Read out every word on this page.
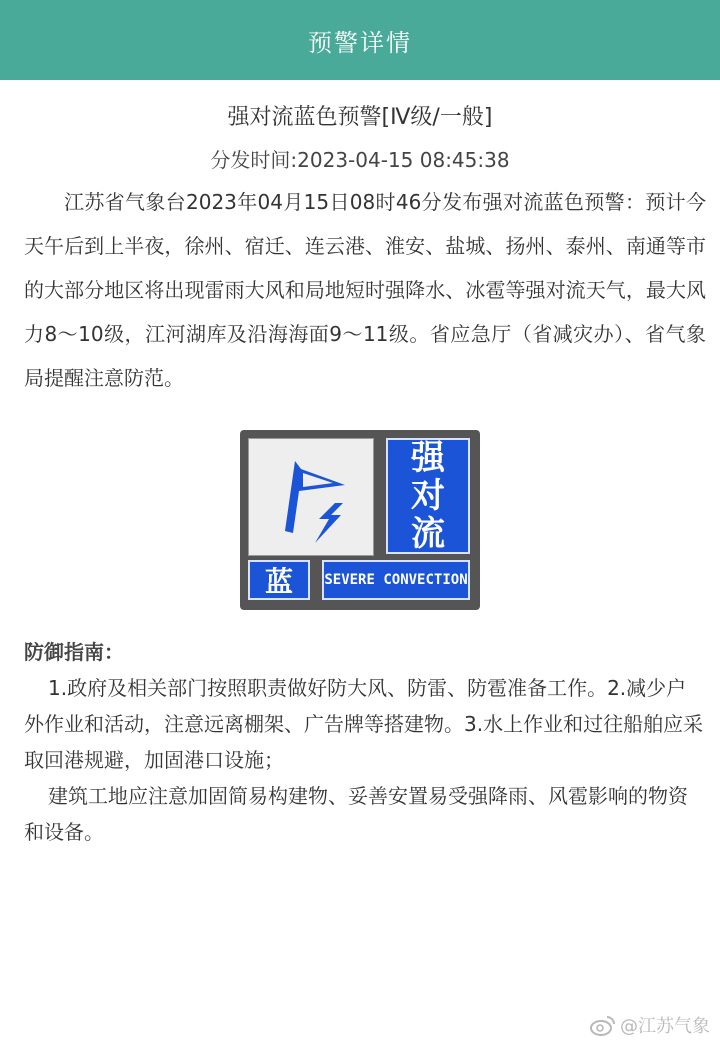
预警详情
强对流蓝色预警[Ⅳ级/一般]
分发时间:2023-04-15 08:45:38
江苏省气象台2023年04月15日08时46分发布强对流蓝色预警：预计今天午后到上半夜，徐州、宿迁、连云港、淮安、盐城、扬州、泰州、南通等市的大部分地区将出现雷雨大风和局地短时强降水、冰雹等强对流天气，最大风力8～10级，江河湖库及沿海海面9～11级。省应急厅（省减灾办）、省气象局提醒注意防范。
强
对
流
蓝	SEVERE CONVECTION
防御指南：

1.政府及相关部门按照职责做好防大风、防雷、防雹准备工作。2.减少户外作业和活动，注意远离棚架、广告牌等搭建物。3.水上作业和过往船舶应采取回港规避，加固港口设施；

建筑工地应注意加固简易构建物、妥善安置易受强降雨、风雹影响的物资和设备。

@江苏气象
